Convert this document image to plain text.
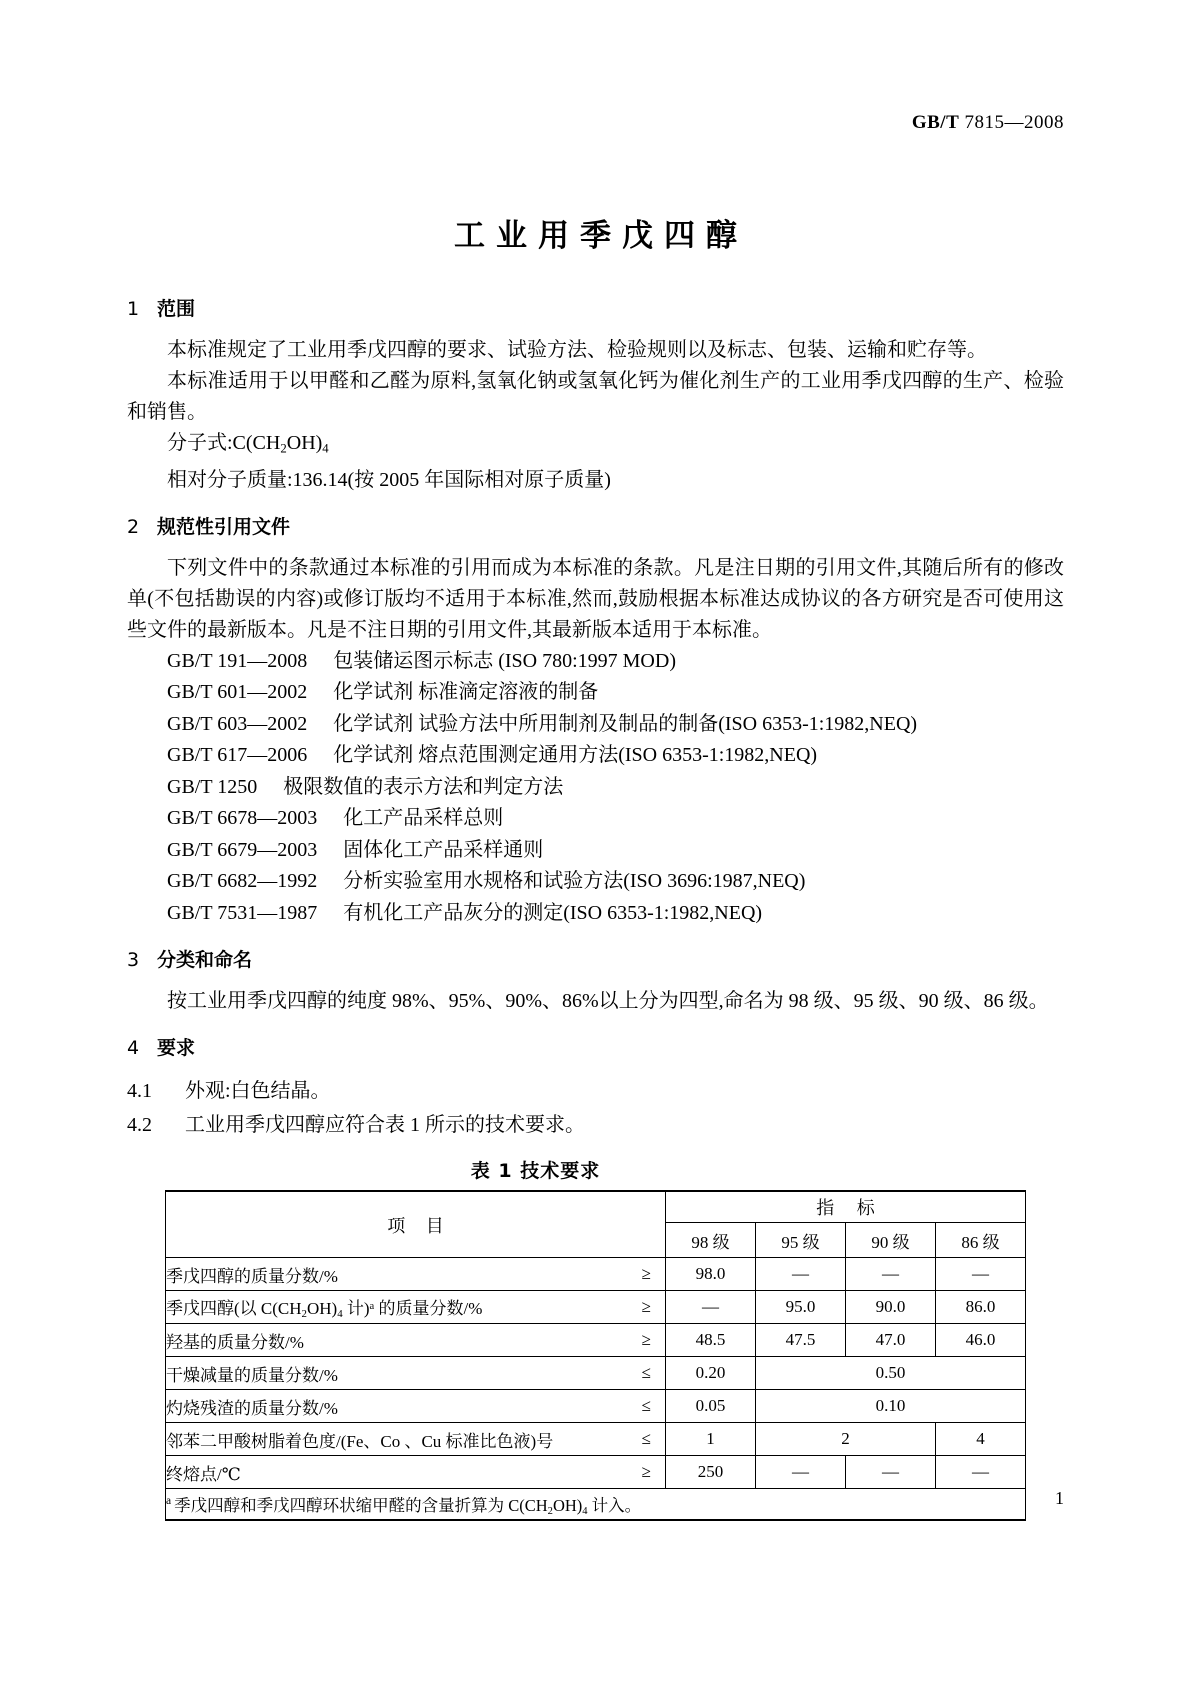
GB/T 7815—2008
工业用季戊四醇
1 范围

本标准规定了工业用季戊四醇的要求、试验方法、检验规则以及标志、包装、运输和贮存等。

本标准适用于以甲醛和乙醛为原料,氢氧化钠或氢氧化钙为催化剂生产的工业用季戊四醇的生产、检验和销售。

分子式$:C(CH_2OH)_4$

相对分子质量:136.14(按 2005 年国际相对原子质量)

2 规范性引用文件

下列文件中的条款通过本标准的引用而成为本标准的条款。凡是注日期的引用文件,其随后所有的修改单(不包括勘误的内容)或修订版均不适用于本标准,然而,鼓励根据本标准达成协议的各方研究是否可使用这些文件的最新版本。凡是不注日期的引用文件,其最新版本适用于本标准。

GB/T 191—2008 包装储运图示标志 (ISO 780:1997 MOD)

GB/T 601—2002 化学试剂 标准滴定溶液的制备

GB/T 603—2002 化学试剂 试验方法中所用制剂及制品的制备(ISO 6353-1:1982,NEQ)

GB/T 617—2006 化学试剂 熔点范围测定通用方法(ISO 6353-1:1982,NEQ)

GB/T 1250 极限数值的表示方法和判定方法

GB/T 6678—2003 化工产品采样总则

GB/T 6679—2003 固体化工产品采样通则

GB/T 6682—1992 分析实验室用水规格和试验方法(ISO 3696:1987,NEQ)

GB/T 7531—1987 有机化工产品灰分的测定(ISO 6353-1:1982,NEQ)

3 分类和命名

按工业用季戊四醇的纯度 98%、95%、90%、86%以上分为四型,命名为 98 级、95 级、90 级、86 级。

4 要求

4.1 外观:白色结晶。

4.2 工业用季戊四醇应符合表 1 所示的技术要求。

表 1 技术要求
项 目	指 标			
	98 级	95 级	90 级	86 级
季戊四醇的质量分数/% ≥	98.0	—	—	—
季戊四醇(以 $C(CH_2OH)_4$ 计)$^a$ 的质量分数/% ≥	—	95.0	90.0	86.0
羟基的质量分数/% ≥	48.5	47.5	47.0	46.0
干燥减量的质量分数/% ≤	0.20	0.50		
灼烧残渣的质量分数/% ≤	0.05	0.10		
邻苯二甲酸树脂着色度/(Fe、Co 、Cu 标准比色液)号 ≤	1	2		4
终熔点/℃ ≥	250	—	—	—
$^a$ 季戊四醇和季戊四醇环状缩甲醛的含量折算为 $C(CH_2OH)_4$ 计入。					1
